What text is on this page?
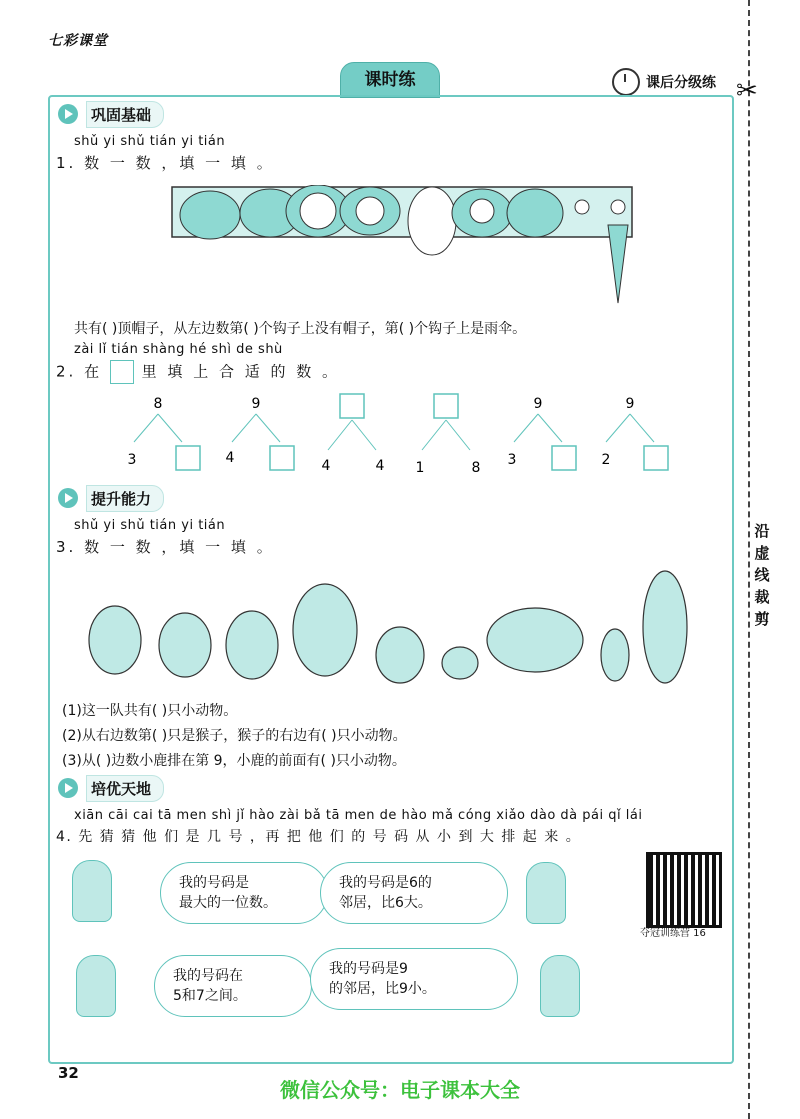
七彩课堂
课时练	课后分级练 ✂
沿虚线裁剪
巩固基础
shǔ yi shǔ tián yi tián
1. 数 一 数 ，填 一 填 。
共有( )顶帽子，从左边数第( )个钩子上没有帽子，第( )个钩子上是雨伞。
zài lǐ tián shàng hé shì de shù
2. 在	里 填 上 合 适 的 数 。
8
3
9
4	4	4 1	8
9
3
9
2
提升能力
shǔ yi shǔ tián yi tián
3. 数 一 数 ，填 一 填 。
(1)这一队共有( )只小动物。
(2)从右边数第( )只是猴子，猴子的右边有( )只小动物。
(3)从( )边数小鹿排在第 9，小鹿的前面有( )只小动物。
培优天地
xiān cāi cai tā men shì jǐ hào zài bǎ tā men de hào mǎ cóng xiǎo dào dà pái qǐ lái
4. 先 猜 猜 他 们 是 几 号 ，再 把 他 们 的 号 码 从 小 到 大 排 起 来 。
我的号码是
最大的一位数。
我的号码是6的
邻居，比6大。
我的号码在
5和7之间。
我的号码是9
的邻居，比9小。
夺冠训练营 16
32
微信公众号：电子课本大全
